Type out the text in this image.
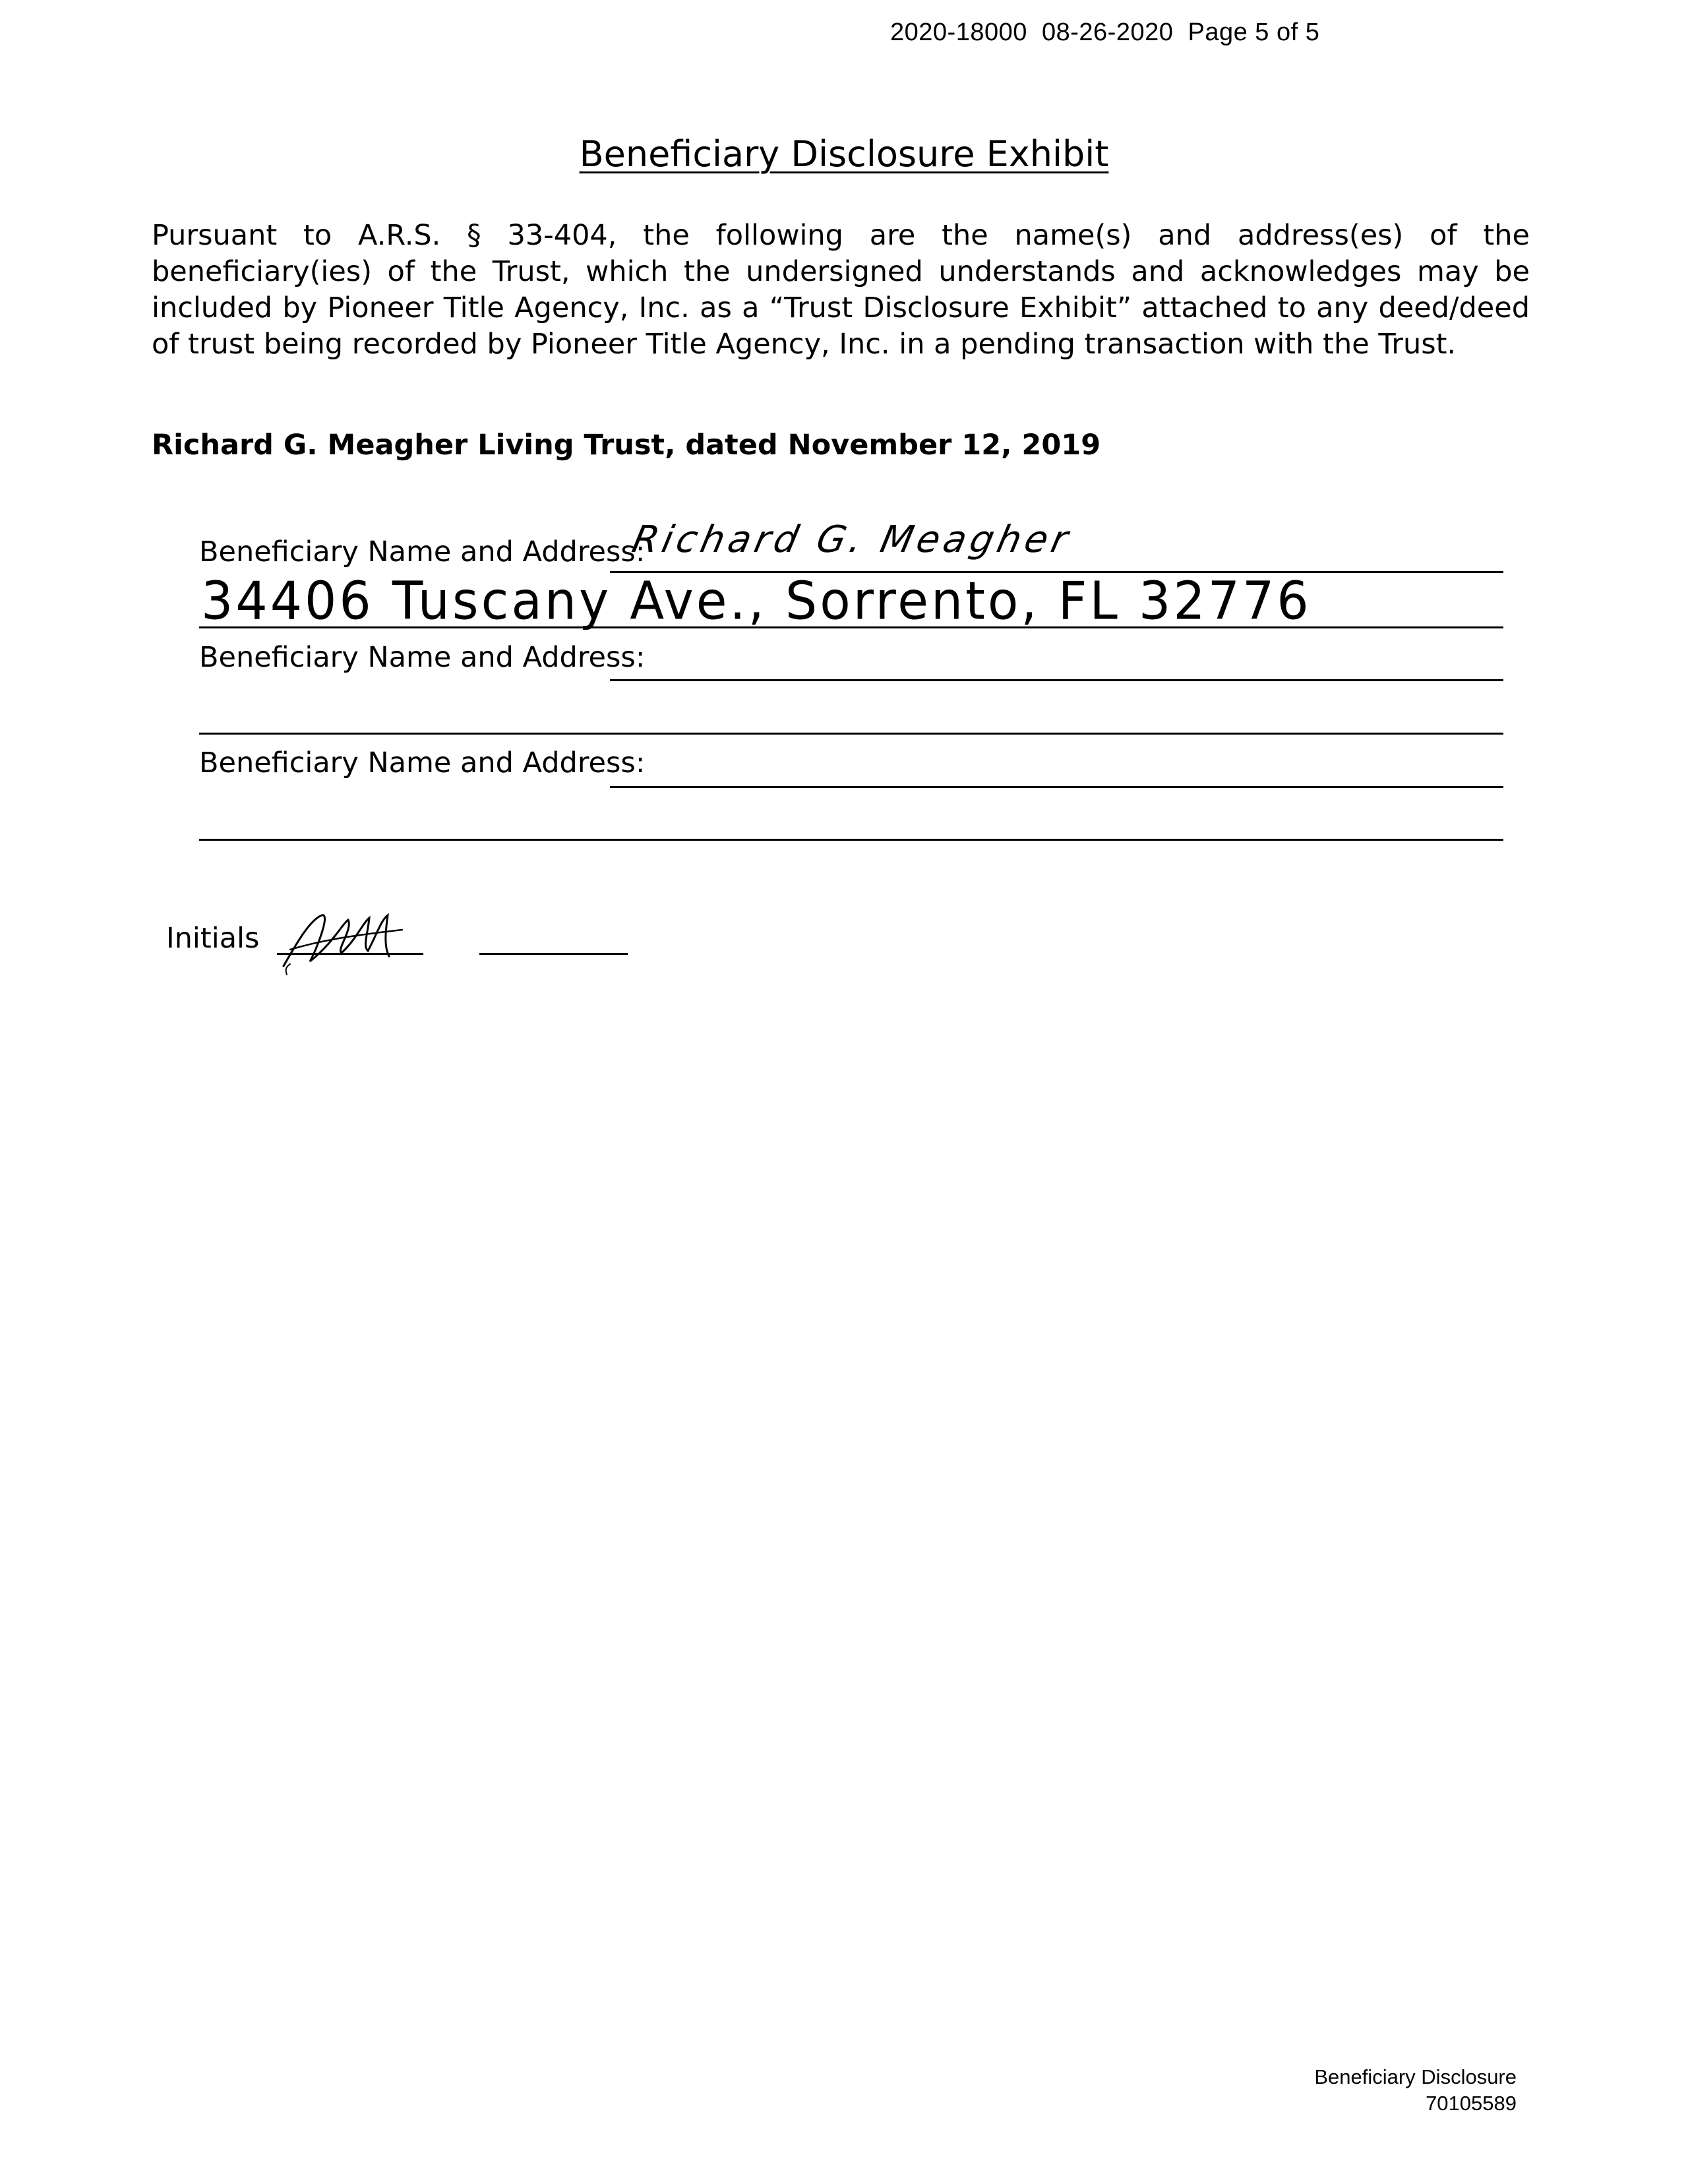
2020-18000  08-26-2020  Page 5 of 5
Beneficiary Disclosure Exhibit
Pursuant to A.R.S. § 33-404, the following are the name(s) and address(es) of the beneficiary(ies) of the Trust, which the undersigned understands and acknowledges may be included by Pioneer Title Agency, Inc. as a “Trust Disclosure Exhibit” attached to any deed/deed of trust being recorded by Pioneer Title Agency, Inc. in a pending transaction with the Trust.
Richard G. Meagher Living Trust, dated November 12, 2019
Beneficiary Name and Address:
Richard G. Meagher
34406 Tuscany Ave., Sorrento, FL 32776
Beneficiary Name and Address:
Beneficiary Name and Address:
Initials
Beneficiary Disclosure
70105589
